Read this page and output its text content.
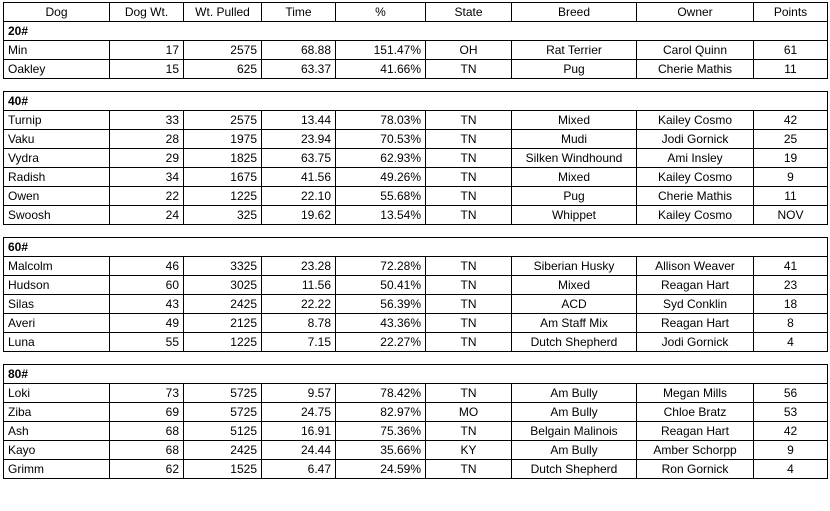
Dog	Dog Wt.	Wt. Pulled	Time	%	State	Breed	Owner	Points
20#								
Min	17	2575	68.88	151.47%	OH	Rat Terrier	Carol Quinn	61
Oakley	15	625	63.37	41.66%	TN	Pug	Cherie Mathis	11

40#								
Turnip	33	2575	13.44	78.03%	TN	Mixed	Kailey Cosmo	42
Vaku	28	1975	23.94	70.53%	TN	Mudi	Jodi Gornick	25
Vydra	29	1825	63.75	62.93%	TN	Silken Windhound	Ami Insley	19
Radish	34	1675	41.56	49.26%	TN	Mixed	Kailey Cosmo	9
Owen	22	1225	22.10	55.68%	TN	Pug	Cherie Mathis	11
Swoosh	24	325	19.62	13.54%	TN	Whippet	Kailey Cosmo	NOV

60#								
Malcolm	46	3325	23.28	72.28%	TN	Siberian Husky	Allison Weaver	41
Hudson	60	3025	11.56	50.41%	TN	Mixed	Reagan Hart	23
Silas	43	2425	22.22	56.39%	TN	ACD	Syd Conklin	18
Averi	49	2125	8.78	43.36%	TN	Am Staff Mix	Reagan Hart	8
Luna	55	1225	7.15	22.27%	TN	Dutch Shepherd	Jodi Gornick	4

80#								
Loki	73	5725	9.57	78.42%	TN	Am Bully	Megan Mills	56
Ziba	69	5725	24.75	82.97%	MO	Am Bully	Chloe Bratz	53
Ash	68	5125	16.91	75.36%	TN	Belgain Malinois	Reagan Hart	42
Kayo	68	2425	24.44	35.66%	KY	Am Bully	Amber Schorpp	9
Grimm	62	1525	6.47	24.59%	TN	Dutch Shepherd	Ron Gornick	4
